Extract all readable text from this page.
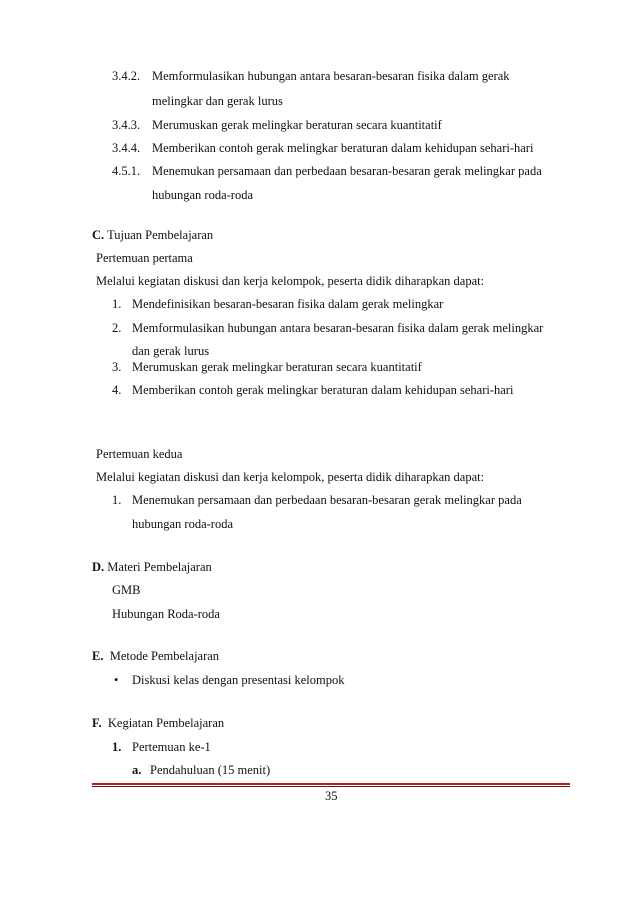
3.4.2. Memformulasikan hubungan antara besaran-besaran fisika dalam gerak
melingkar dan gerak lurus
3.4.3. Merumuskan gerak melingkar beraturan secara kuantitatif
3.4.4. Memberikan contoh gerak melingkar beraturan dalam kehidupan sehari-hari
4.5.1. Menemukan persamaan dan perbedaan besaran-besaran gerak melingkar pada
hubungan roda-roda
C. Tujuan Pembelajaran
Pertemuan pertama
Melalui kegiatan diskusi dan kerja kelompok, peserta didik diharapkan dapat:
1. Mendefinisikan besaran-besaran fisika dalam gerak melingkar
2. Memformulasikan hubungan antara besaran-besaran fisika dalam gerak melingkar
dan gerak lurus
3. Merumuskan gerak melingkar beraturan secara kuantitatif
4. Memberikan contoh gerak melingkar beraturan dalam kehidupan sehari-hari
Pertemuan kedua
Melalui kegiatan diskusi dan kerja kelompok, peserta didik diharapkan dapat:
1. Menemukan persamaan dan perbedaan besaran-besaran gerak melingkar pada
hubungan roda-roda
D. Materi Pembelajaran
GMB
Hubungan Roda-roda
E. Metode Pembelajaran
• Diskusi kelas dengan presentasi kelompok
F. Kegiatan Pembelajaran
1. Pertemuan ke-1
a. Pendahuluan (15 menit)
35
